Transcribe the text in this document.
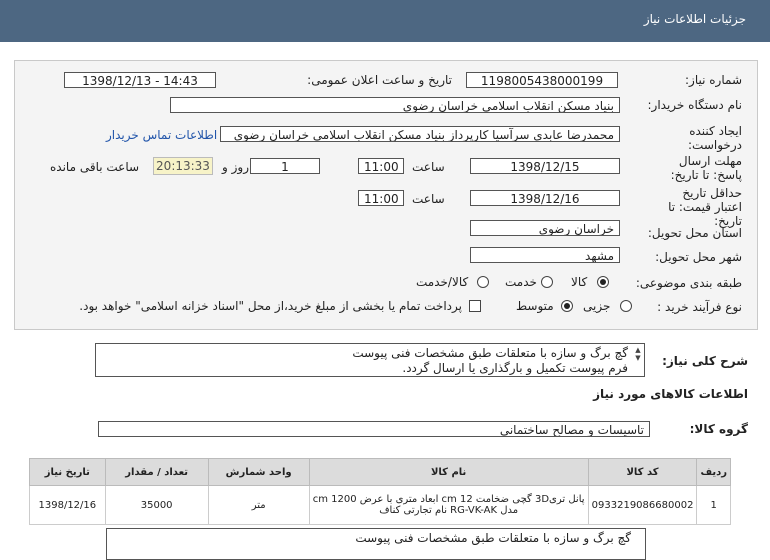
جزئیات اطلاعات نیاز
شماره نیاز:
1198005438000199
تاریخ و ساعت اعلان عمومی:
1398/12/13 - 14:43
نام دستگاه خریدار:
بنیاد مسکن انقلاب اسلامی خراسان رضوی
ایجاد کننده درخواست:
محمدرضا عابدی سرآسیا کارپرداز بنیاد مسکن انقلاب اسلامی خراسان رضوی
اطلاعات تماس خریدار
مهلت ارسال پاسخ: تا تاریخ:
1398/12/15
ساعت
11:00
1
روز و
20:13:33
ساعت باقی مانده
حداقل تاریخ اعتبار قیمت: تا تاریخ:
1398/12/16
ساعت
11:00
استان محل تحویل:
خراسان رضوی
شهر محل تحویل:
مشهد
طبقه بندی موضوعی:
کالا
خدمت
کالا/خدمت
نوع فرآیند خرید :
جزیی
متوسط
پرداخت تمام یا بخشی از مبلغ خرید،از محل "اسناد خزانه اسلامی" خواهد بود.
شرح کلی نیاز:
گچ برگ و سازه با متعلقات طبق مشخصات فنی پیوست
فرم پیوست تکمیل و بارگذاری یا ارسال گردد.
▲
▼
اطلاعات کالاهای مورد نیاز
گروه کالا:
تاسیسات و مصالح ساختمانی
ردیف	کد کالا	نام کالا	واحد شمارش	تعداد / مقدار	تاریخ نیاز
1	0933219086680002	پانل تری3D گچی ضخامت 12 cm ابعاد متری با عرض 1200 cm مدل RG-VK-AK نام تجارتی کناف	متر	35000	1398/12/16
گچ برگ و سازه با متعلقات طبق مشخصات فنی پیوست
